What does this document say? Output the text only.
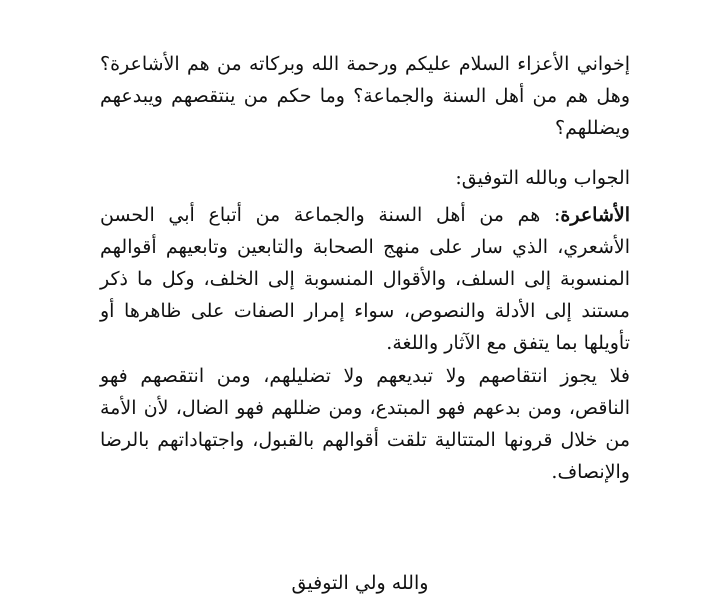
إخواني الأعزاء السلام عليكم ورحمة الله وبركاته من هم الأشاعرة؟ وهل هم من أهل السنة والجماعة؟ وما حكم من ينتقصهم ويبدعهم ويضللهم؟

الجواب وبالله التوفيق:

الأشاعرة: هم من أهل السنة والجماعة من أتباع أبي الحسن الأشعري، الذي سار على منهج الصحابة والتابعين وتابعيهم أقوالهم المنسوبة إلى السلف، والأقوال المنسوبة إلى الخلف، وكل ما ذكر مستند إلى الأدلة والنصوص، سواء إمرار الصفات على ظاهرها أو تأويلها بما يتفق مع الآثار واللغة.

فلا يجوز انتقاصهم ولا تبديعهم ولا تضليلهم، ومن انتقصهم فهو الناقص، ومن بدعهم فهو المبتدع، ومن ضللهم فهو الضال، لأن الأمة من خلال قرونها المتتالية تلقت أقوالهم بالقبول، واجتهاداتهم بالرضا والإنصاف.

والله ولي التوفيق
